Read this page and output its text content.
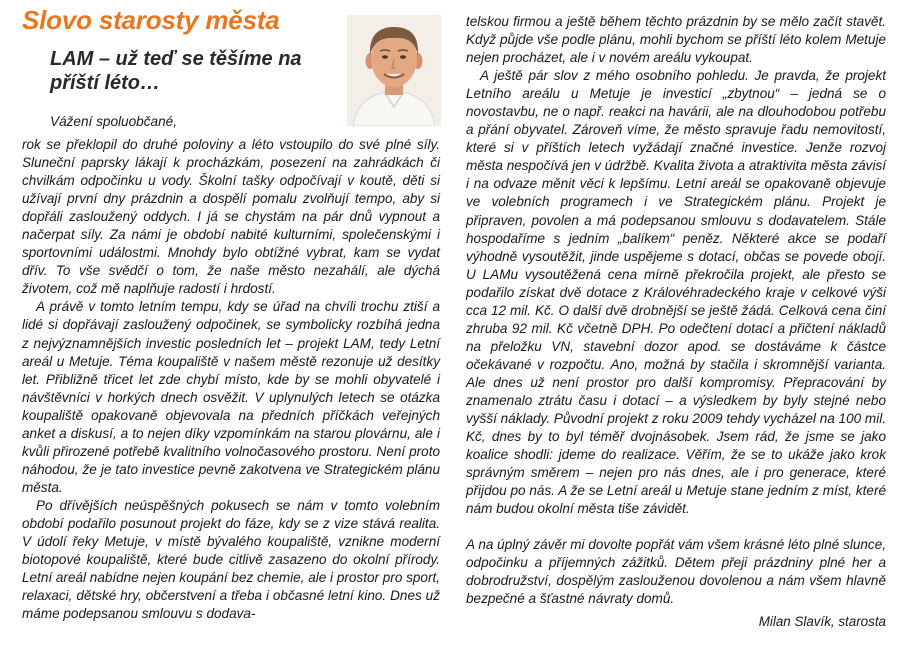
Slovo starosty města
LAM – už teď se těšíme na příští léto…

Vážení spoluobčané,

rok se překlopil do druhé poloviny a léto vstoupilo do své plné síly. Sluneční paprsky lákají k procházkám, posezení na zahrádkách či chvilkám odpočinku u vody. Školní tašky odpočívají v koutě, děti si užívají první dny prázdnin a dospělí pomalu zvolňují tempo, aby si dopřáli zasloužený oddych. I já se chystám na pár dnů vypnout a načerpat síly. Za námi je období nabité kulturními, společenskými i sportovními událostmi. Mnohdy bylo obtížné vybrat, kam se vydat dřív. To vše svědčí o tom, že naše město nezahálí, ale dýchá životem, což mě naplňuje radostí i hrdostí.

A právě v tomto letním tempu, kdy se úřad na chvíli trochu ztiší a lidé si dopřávají zasloužený odpočinek, se symbolicky rozbíhá jedna z nejvýznamnějších investic posledních let – projekt LAM, tedy Letní areál u Metuje. Téma koupaliště v našem městě rezonuje už desítky let. Přibližně třicet let zde chybí místo, kde by se mohli obyvatelé i návštěvníci v horkých dnech osvěžit. V uplynulých letech se otázka koupaliště opakovaně objevovala na předních příčkách veřejných anket a diskusí, a to nejen díky vzpomínkám na starou plovárnu, ale i kvůli přirozené potřebě kvalitního volnočasového prostoru. Není proto náhodou, že je tato investice pevně zakotvena ve Strategickém plánu města.

Po dřívějších neúspěšných pokusech se nám v tomto volebním období podařilo posunout projekt do fáze, kdy se z vize stává realita. V údolí řeky Metuje, v místě bývalého koupaliště, vznikne moderní biotopové koupaliště, které bude citlivě zasazeno do okolní přírody. Letní areál nabídne nejen koupání bez chemie, ale i prostor pro sport, relaxaci, dětské hry, občerstvení a třeba i občasné letní kino. Dnes už máme podepsanou smlouvu s dodava-

telskou firmou a ještě během těchto prázdnin by se mělo začít stavět. Když půjde vše podle plánu, mohli bychom se příští léto kolem Metuje nejen procházet, ale i v novém areálu vykoupat.

A ještě pár slov z mého osobního pohledu. Je pravda, že projekt Letního areálu u Metuje je investicí „zbytnou“ – jedná se o novostavbu, ne o např. reakci na havárii, ale na dlouhodobou potřebu a přání obyvatel. Zároveň víme, že město spravuje řadu nemovitostí, které si v příštích letech vyžádají značné investice. Jenže rozvoj města nespočívá jen v údržbě. Kvalita života a atraktivita města závisí i na odvaze měnit věci k lepšímu. Letní areál se opakovaně objevuje ve volebních programech i ve Strategickém plánu. Projekt je připraven, povolen a má podepsanou smlouvu s dodavatelem. Stále hospodaříme s jedním „balíkem“ peněz. Některé akce se podaří výhodně vysoutěžit, jinde uspějeme s dotací, občas se povede obojí. U LAMu vysoutěžená cena mírně překročila projekt, ale přesto se podařilo získat dvě dotace z Královéhradeckého kraje v celkové výši cca 12 mil. Kč. O další dvě drobnější se ještě žádá. Celková cena činí zhruba 92 mil. Kč včetně DPH. Po odečtení dotací a přičtení nákladů na přeložku VN, stavební dozor apod. se dostáváme k částce očekávané v rozpočtu. Ano, možná by stačila i skromnější varianta. Ale dnes už není prostor pro další kompromisy. Přepracování by znamenalo ztrátu času i dotací – a výsledkem by byly stejné nebo vyšší náklady. Původní projekt z roku 2009 tehdy vycházel na 100 mil. Kč, dnes by to byl téměř dvojnásobek. Jsem rád, že jsme se jako koalice shodli: jdeme do realizace. Věřím, že se to ukáže jako krok správným směrem – nejen pro nás dnes, ale i pro generace, které přijdou po nás. A že se Letní areál u Metuje stane jedním z míst, které nám budou okolní města tiše závidět.

A na úplný závěr mi dovolte popřát vám všem krásné léto plné slunce, odpočinku a příjemných zážitků. Dětem přeji prázdniny plné her a dobrodružství, dospělým zaslouženou dovolenou a nám všem hlavně bezpečné a šťastné návraty domů.

Milan Slavík, starosta
